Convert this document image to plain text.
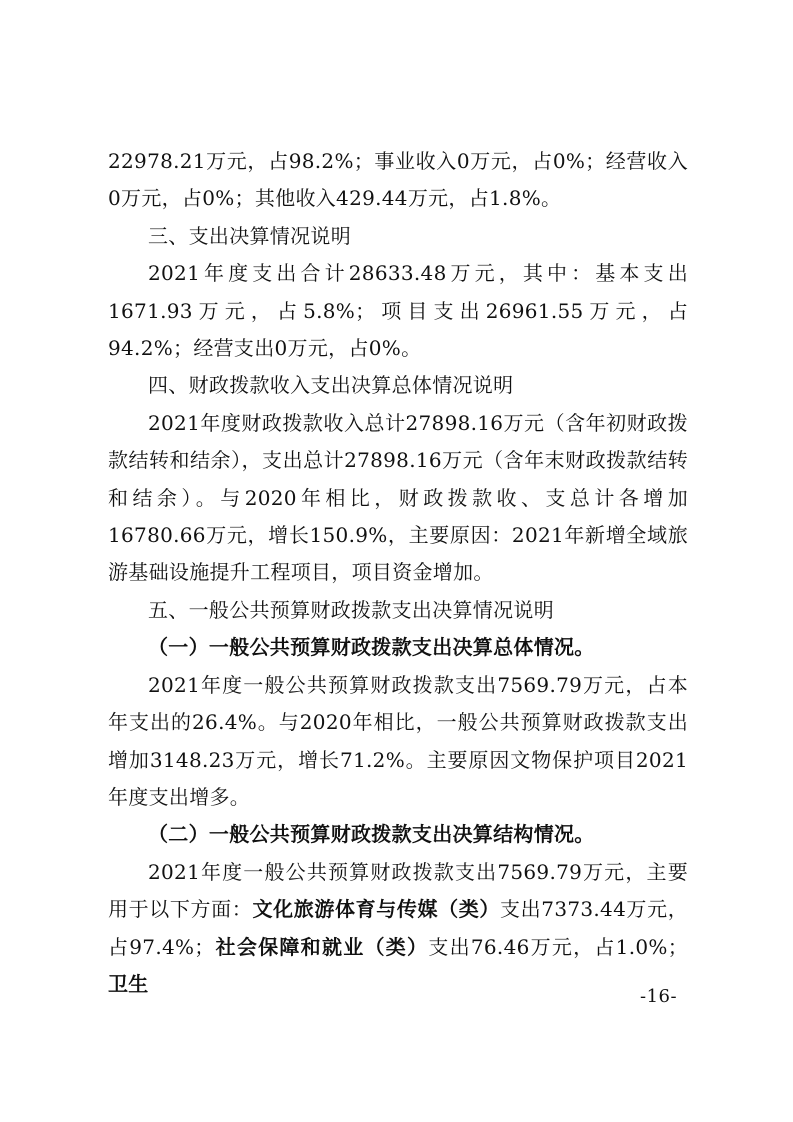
22978.21万元，占98.2%；事业收入0万元，占0%；经营收入0万元，占0%；其他收入429.44万元，占1.8%。

三、支出决算情况说明

2021年度支出合计28633.48万元，其中：基本支出1671.93万元，占5.8%；项目支出26961.55万元，占94.2%；经营支出0万元，占0%。

四、财政拨款收入支出决算总体情况说明

2021年度财政拨款收入总计27898.16万元（含年初财政拨款结转和结余），支出总计27898.16万元（含年末财政拨款结转和结余）。与2020年相比，财政拨款收、支总计各增加16780.66万元，增长150.9%，主要原因：2021年新增全域旅游基础设施提升工程项目，项目资金增加。

五、一般公共预算财政拨款支出决算情况说明

（一）一般公共预算财政拨款支出决算总体情况。

2021年度一般公共预算财政拨款支出7569.79万元，占本年支出的26.4%。与2020年相比，一般公共预算财政拨款支出增加3148.23万元，增长71.2%。主要原因文物保护项目2021年度支出增多。

（二）一般公共预算财政拨款支出决算结构情况。

2021年度一般公共预算财政拨款支出7569.79万元，主要用于以下方面：文化旅游体育与传媒（类）支出7373.44万元，占97.4%；社会保障和就业（类）支出76.46万元，占1.0%；卫生

-16-
